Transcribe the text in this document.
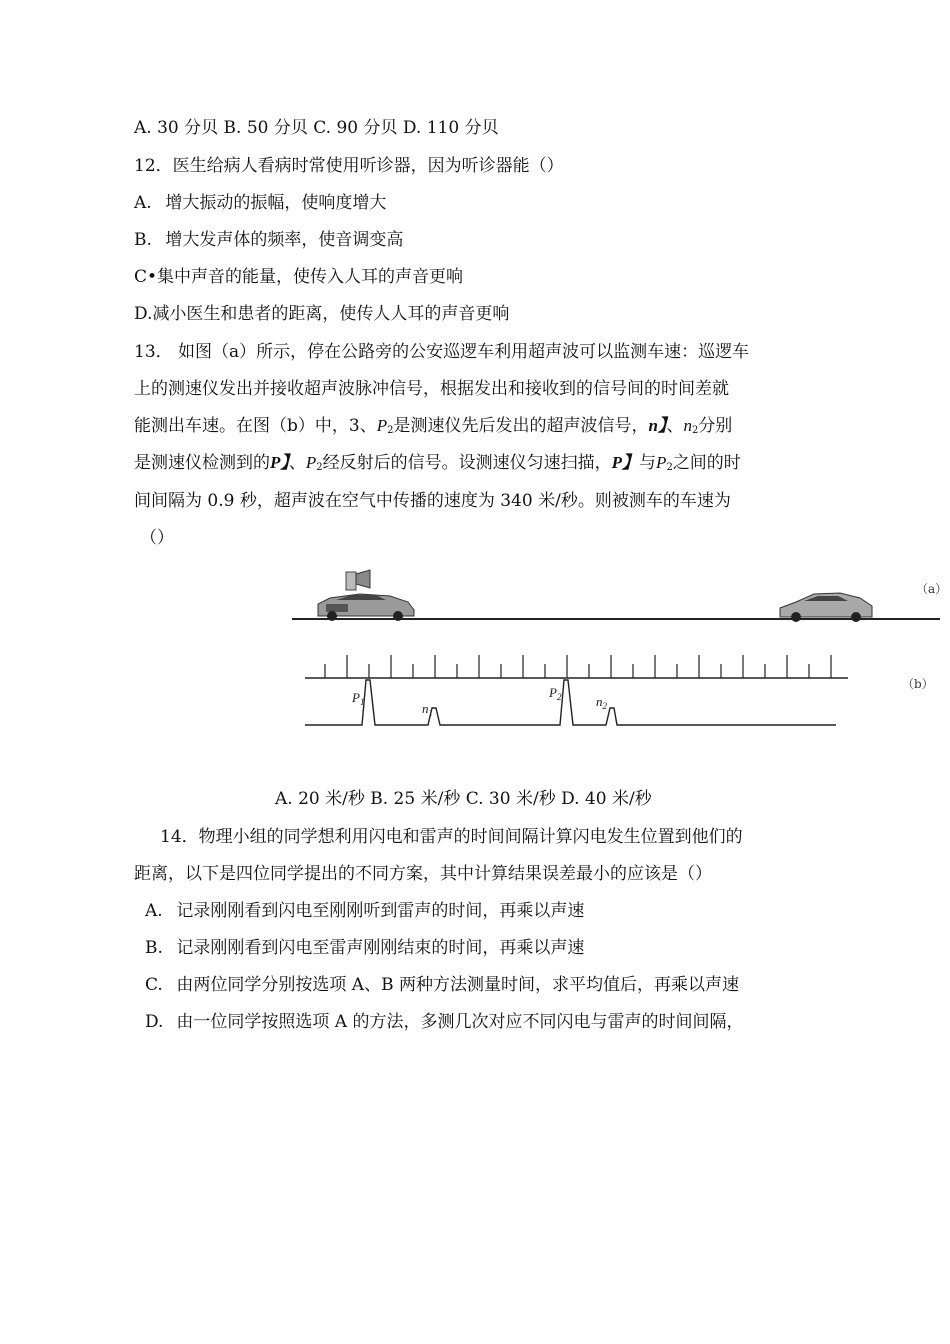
A. 30 分贝 B. 50 分贝 C. 90 分贝 D. 110 分贝
12．医生给病人看病时常使用听诊器，因为听诊器能（）
A. 增大振动的振幅，使响度增大
B. 增大发声体的频率，使音调变高
C•集中声音的能量，使传入人耳的声音更响
D.减小医生和患者的距离，使传人人耳的声音更响
13． 如图（a）所示，停在公路旁的公安巡逻车利用超声波可以监测车速：巡逻车
上的测速仪发出并接收超声波脉冲信号，根据发出和接收到的信号间的时间差就
能测出车速。在图（b）中，3、$P_2$是测速仪先后发出的超声波信号，n】、$n_2$分别
是测速仪检测到的P】、$P_2$经反射后的信号。设测速仪匀速扫描，P】与$P_2$之间的时
间间隔为 0.9 秒，超声波在空气中传播的速度为 340 米/秒。则被测车的车速为
（）
（a）
（b）
$P_1$	$n_1$
$P_2$	$n_2$
A. 20 米/秒 B. 25 米/秒 C. 30 米/秒 D. 40 米/秒
14．物理小组的同学想利用闪电和雷声的时间间隔计算闪电发生位置到他们的
距离，以下是四位同学提出的不同方案，其中计算结果误差最小的应该是（）
A. 记录刚刚看到闪电至刚刚听到雷声的时间，再乘以声速
B. 记录刚刚看到闪电至雷声刚刚结束的时间，再乘以声速
C. 由两位同学分别按选项 A、B 两种方法测量时间，求平均值后，再乘以声速
D. 由一位同学按照选项 A 的方法，多测几次对应不同闪电与雷声的时间间隔，
